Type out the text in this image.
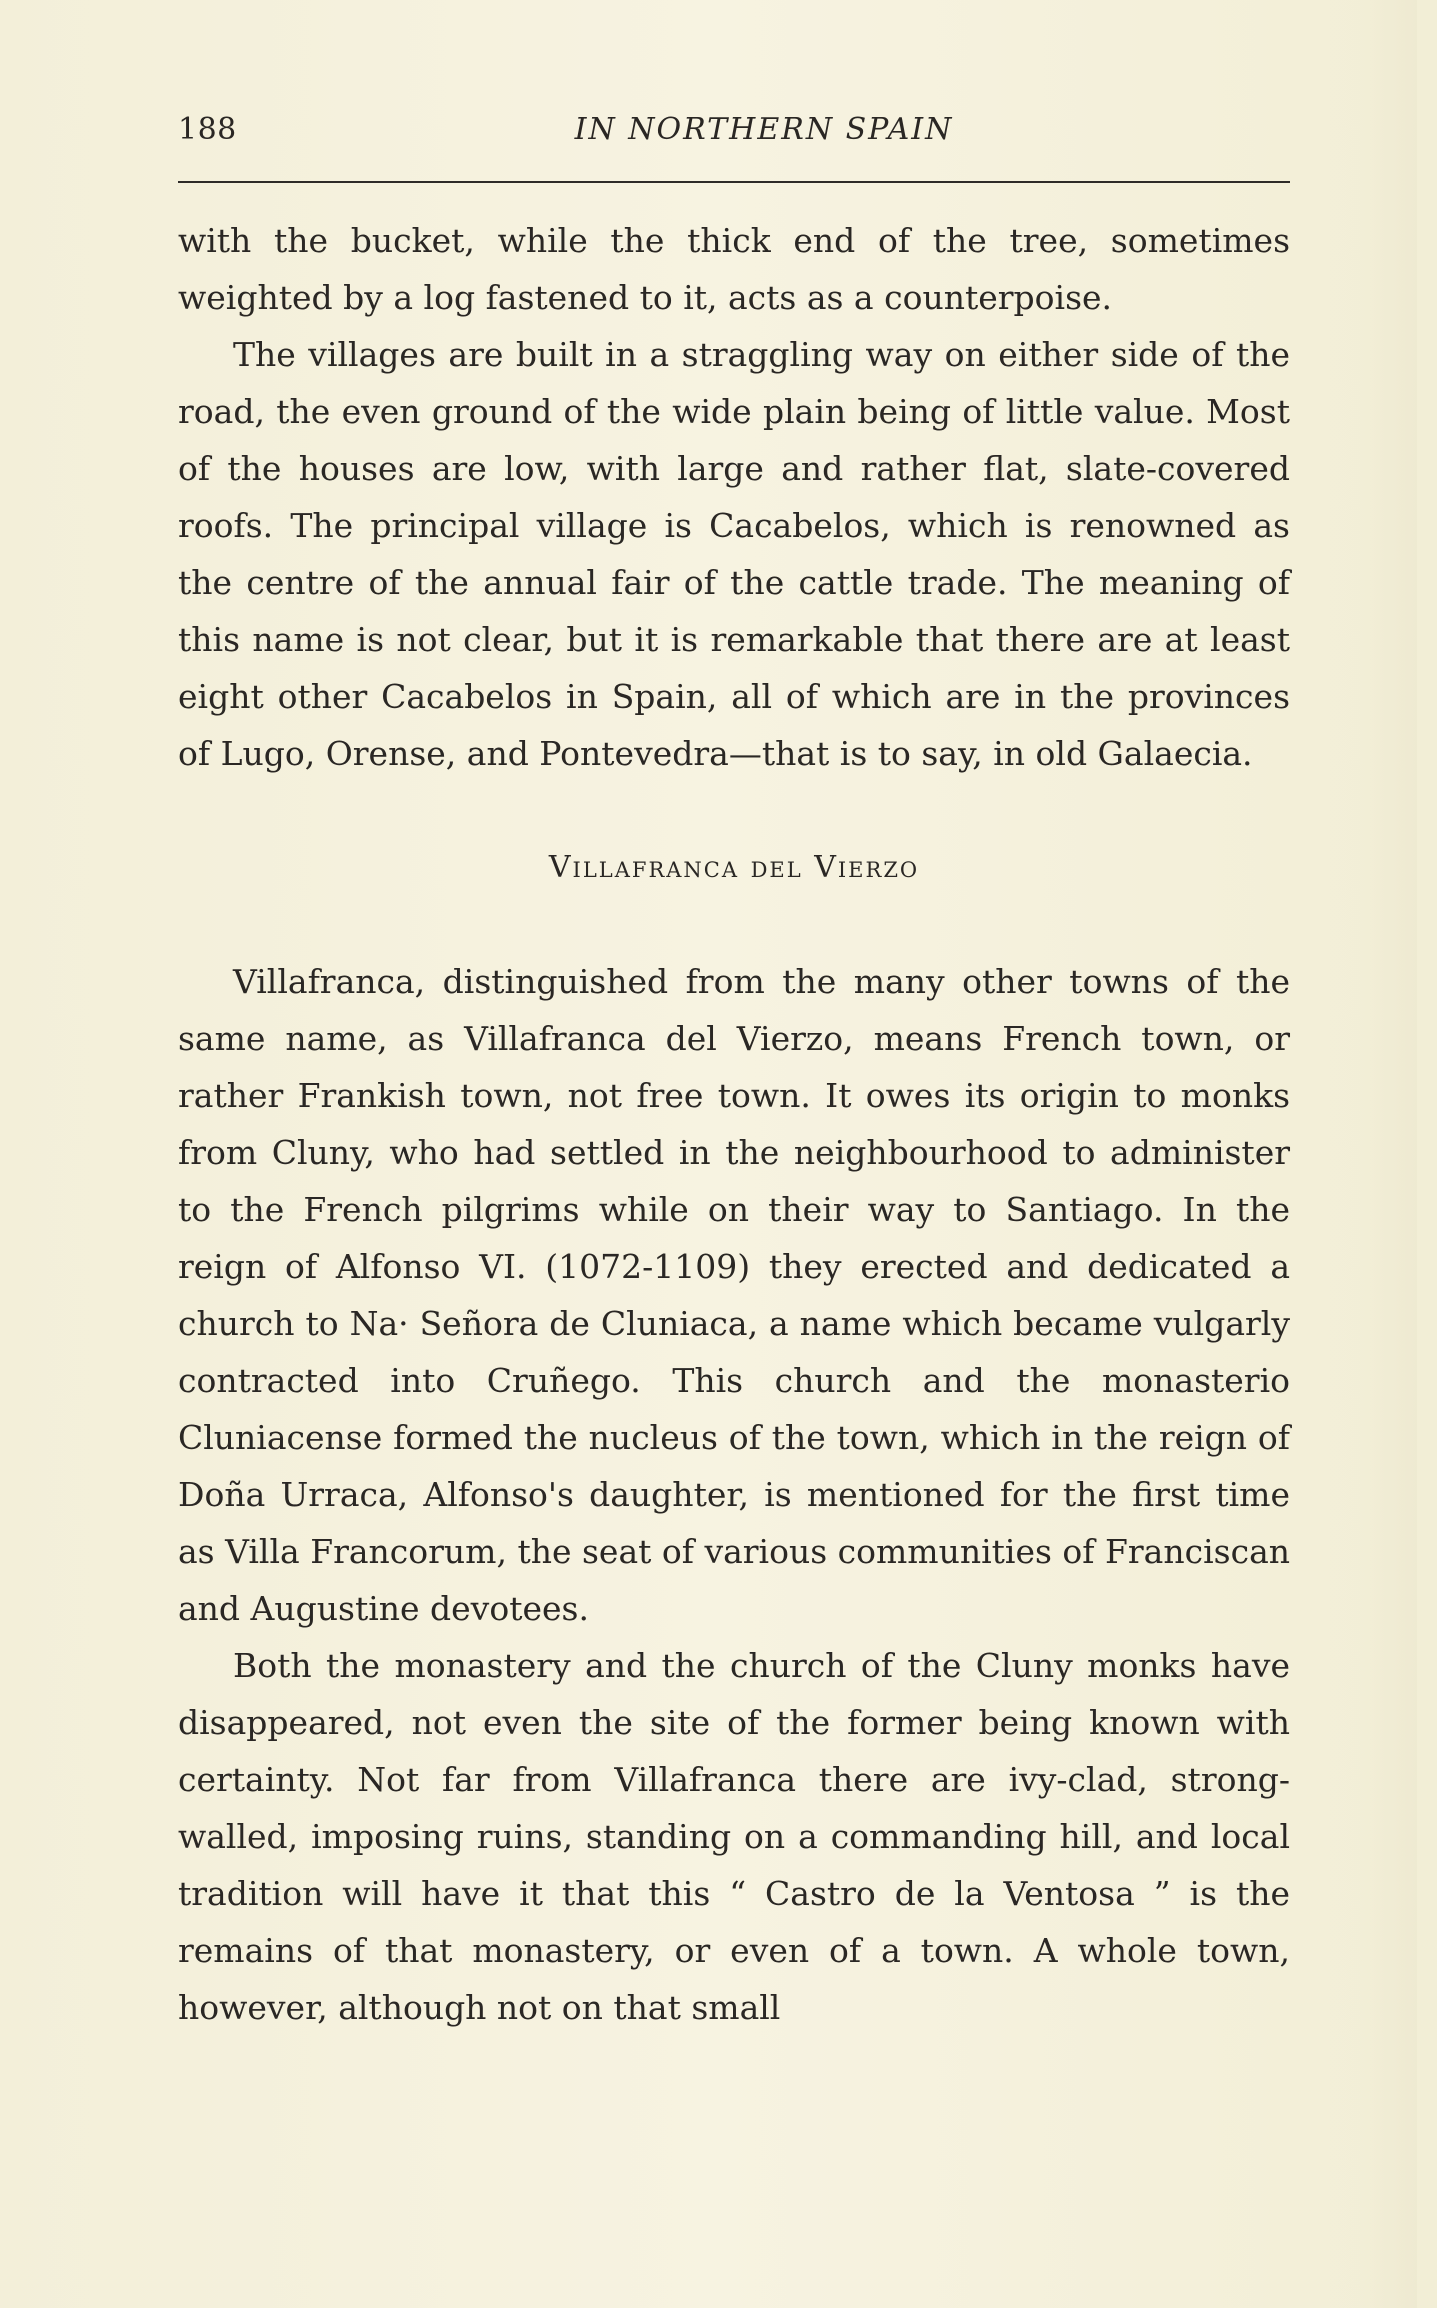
188	IN NORTHERN SPAIN

with the bucket, while the thick end of the tree, sometimes weighted by a log fastened to it, acts as a counterpoise.

The villages are built in a straggling way on either side of the road, the even ground of the wide plain being of little value. Most of the houses are low, with large and rather flat, slate-covered roofs. The principal village is Cacabelos, which is renowned as the centre of the annual fair of the cattle trade. The meaning of this name is not clear, but it is remarkable that there are at least eight other Cacabelos in Spain, all of which are in the provinces of Lugo, Orense, and Pontevedra—that is to say, in old Galaecia.

Villafranca del Vierzo

Villafranca, distinguished from the many other towns of the same name, as Villafranca del Vierzo, means French town, or rather Frankish town, not free town. It owes its origin to monks from Cluny, who had settled in the neighbourhood to administer to the French pilgrims while on their way to Santiago. In the reign of Alfonso VI. (1072-1109) they erected and dedicated a church to Na· Señora de Cluniaca, a name which became vulgarly contracted into Cruñego. This church and the monasterio Cluniacense formed the nucleus of the town, which in the reign of Doña Urraca, Alfonso's daughter, is mentioned for the first time as Villa Francorum, the seat of various communities of Franciscan and Augustine devotees.

Both the monastery and the church of the Cluny monks have disappeared, not even the site of the former being known with certainty. Not far from Villafranca there are ivy-clad, strong-walled, imposing ruins, standing on a commanding hill, and local tradition will have it that this “ Castro de la Ventosa ” is the remains of that monastery, or even of a town. A whole town, however, although not on that small
